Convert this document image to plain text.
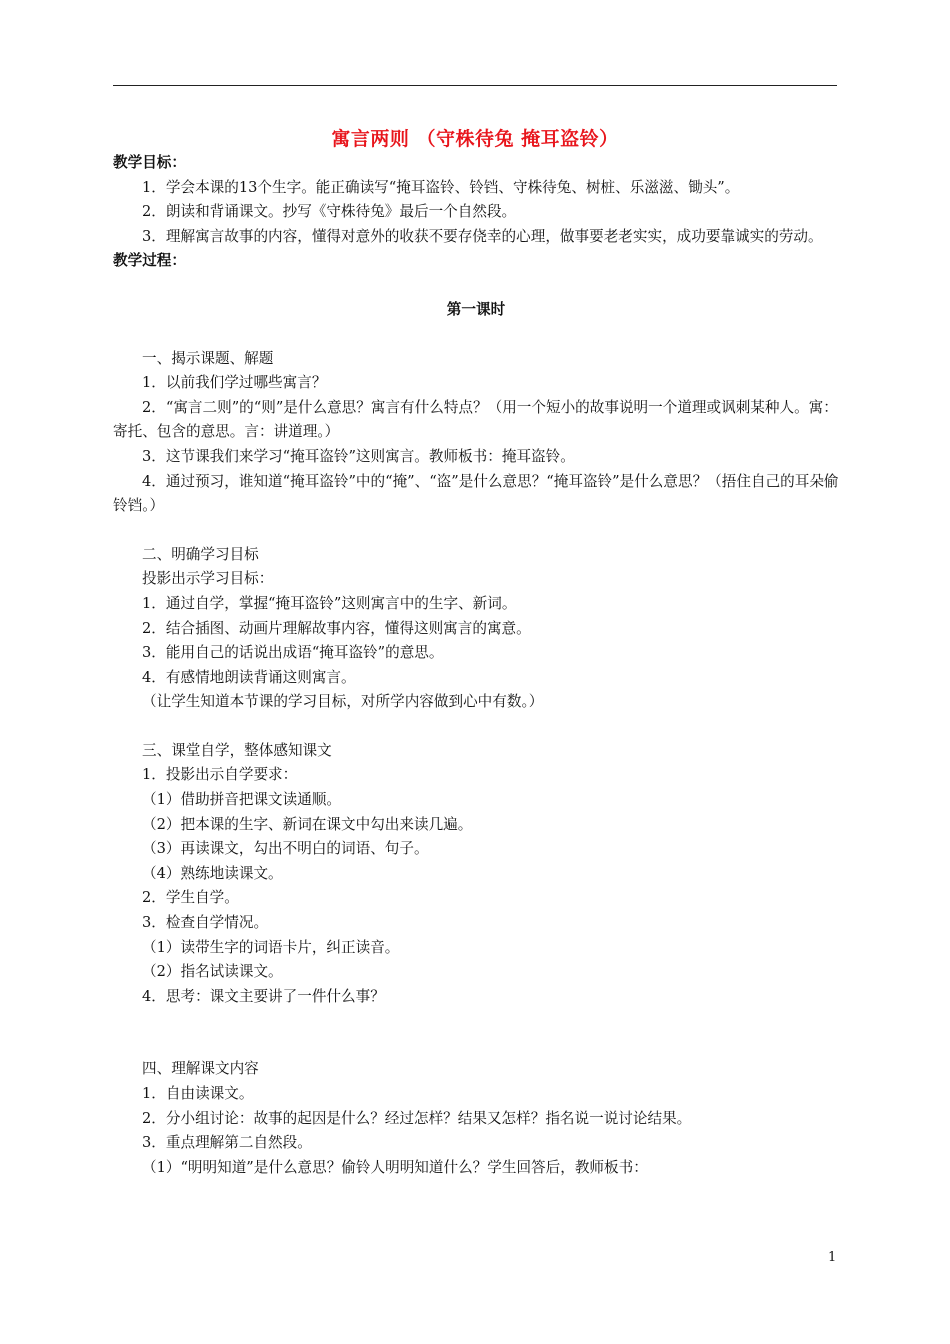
寓言两则 （守株待兔 掩耳盗铃）

教学目标：

1．学会本课的13个生字。能正确读写“掩耳盗铃、铃铛、守株待兔、树桩、乐滋滋、锄头”。

2．朗读和背诵课文。抄写《守株待兔》最后一个自然段。

3．理解寓言故事的内容，懂得对意外的收获不要存侥幸的心理，做事要老老实实，成功要靠诚实的劳动。

教学过程：

第一课时

一、揭示课题、解题

1．以前我们学过哪些寓言？

2．“寓言二则”的“则”是什么意思？寓言有什么特点？（用一个短小的故事说明一个道理或讽刺某种人。寓：寄托、包含的意思。言：讲道理。）

3．这节课我们来学习“掩耳盗铃”这则寓言。教师板书：掩耳盗铃。

4．通过预习，谁知道“掩耳盗铃”中的“掩”、“盗”是什么意思？“掩耳盗铃”是什么意思？（捂住自己的耳朵偷铃铛。）

二、明确学习目标

投影出示学习目标：

1．通过自学，掌握“掩耳盗铃”这则寓言中的生字、新词。

2．结合插图、动画片理解故事内容，懂得这则寓言的寓意。

3．能用自己的话说出成语“掩耳盗铃”的意思。

4．有感情地朗读背诵这则寓言。

（让学生知道本节课的学习目标，对所学内容做到心中有数。）

三、课堂自学，整体感知课文

1．投影出示自学要求：

（1）借助拼音把课文读通顺。

（2）把本课的生字、新词在课文中勾出来读几遍。

（3）再读课文，勾出不明白的词语、句子。

（4）熟练地读课文。

2．学生自学。

3．检查自学情况。

（1）读带生字的词语卡片，纠正读音。

（2）指名试读课文。

4．思考：课文主要讲了一件什么事？

四、理解课文内容

1．自由读课文。

2．分小组讨论：故事的起因是什么？经过怎样？结果又怎样？指名说一说讨论结果。

3．重点理解第二自然段。

（1）“明明知道”是什么意思？偷铃人明明知道什么？学生回答后，教师板书：

1
